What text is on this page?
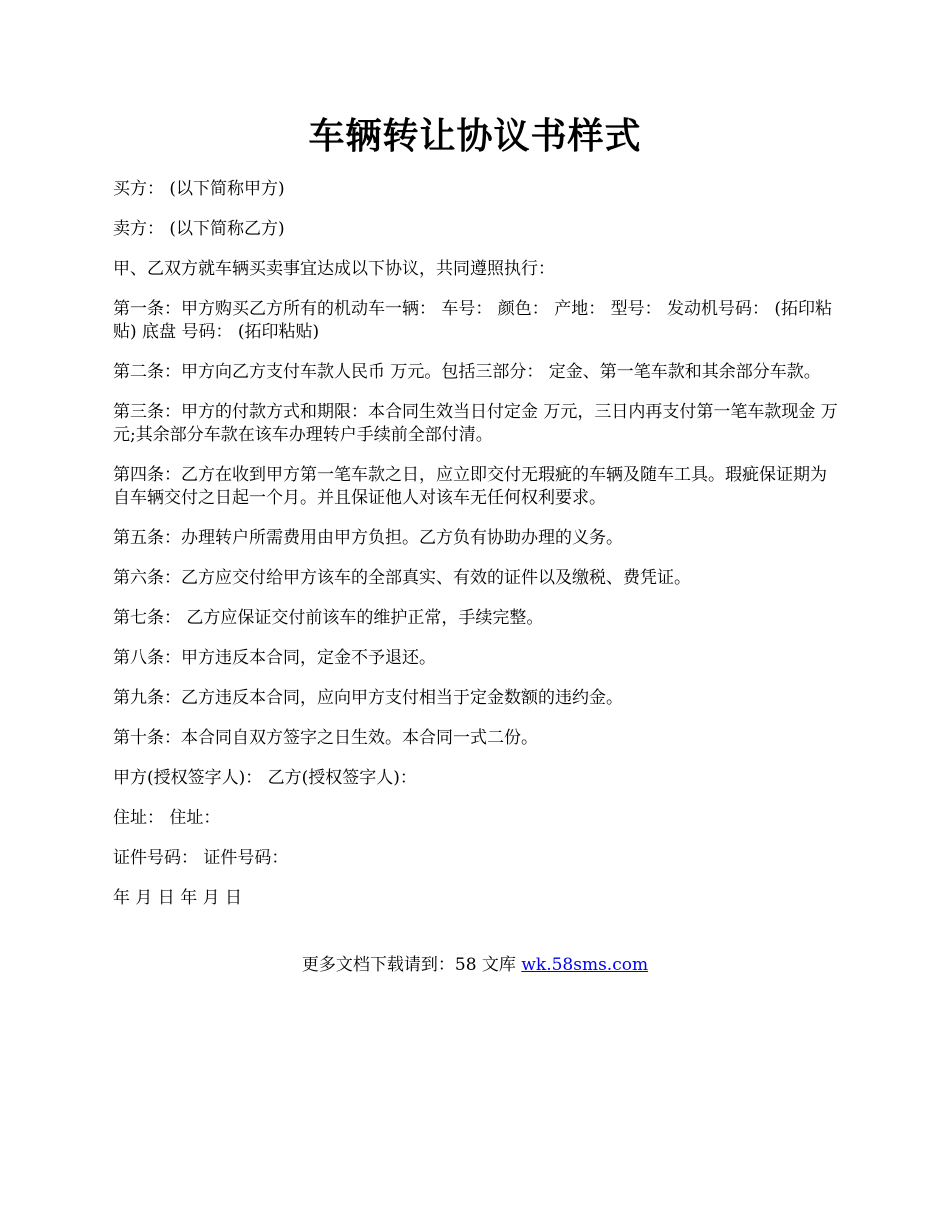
车辆转让协议书样式

买方： (以下简称甲方)

卖方： (以下简称乙方)

甲、乙双方就车辆买卖事宜达成以下协议，共同遵照执行：

第一条：甲方购买乙方所有的机动车一辆： 车号： 颜色： 产地： 型号： 发动机号码： (拓印粘贴) 底盘 号码： (拓印粘贴)

第二条：甲方向乙方支付车款人民币 万元。包括三部分： 定金、第一笔车款和其余部分车款。

第三条：甲方的付款方式和期限：本合同生效当日付定金 万元，三日内再支付第一笔车款现金 万元;其余部分车款在该车办理转户手续前全部付清。

第四条：乙方在收到甲方第一笔车款之日，应立即交付无瑕疵的车辆及随车工具。瑕疵保证期为自车辆交付之日起一个月。并且保证他人对该车无任何权利要求。

第五条：办理转户所需费用由甲方负担。乙方负有协助办理的义务。

第六条：乙方应交付给甲方该车的全部真实、有效的证件以及缴税、费凭证。

第七条： 乙方应保证交付前该车的维护正常，手续完整。

第八条：甲方违反本合同，定金不予退还。

第九条：乙方违反本合同，应向甲方支付相当于定金数额的违约金。

第十条：本合同自双方签字之日生效。本合同一式二份。

甲方(授权签字人)： 乙方(授权签字人)：

住址： 住址：

证件号码： 证件号码：

年 月 日 年 月 日

更多文档下载请到：58 文库 wk.58sms.com
